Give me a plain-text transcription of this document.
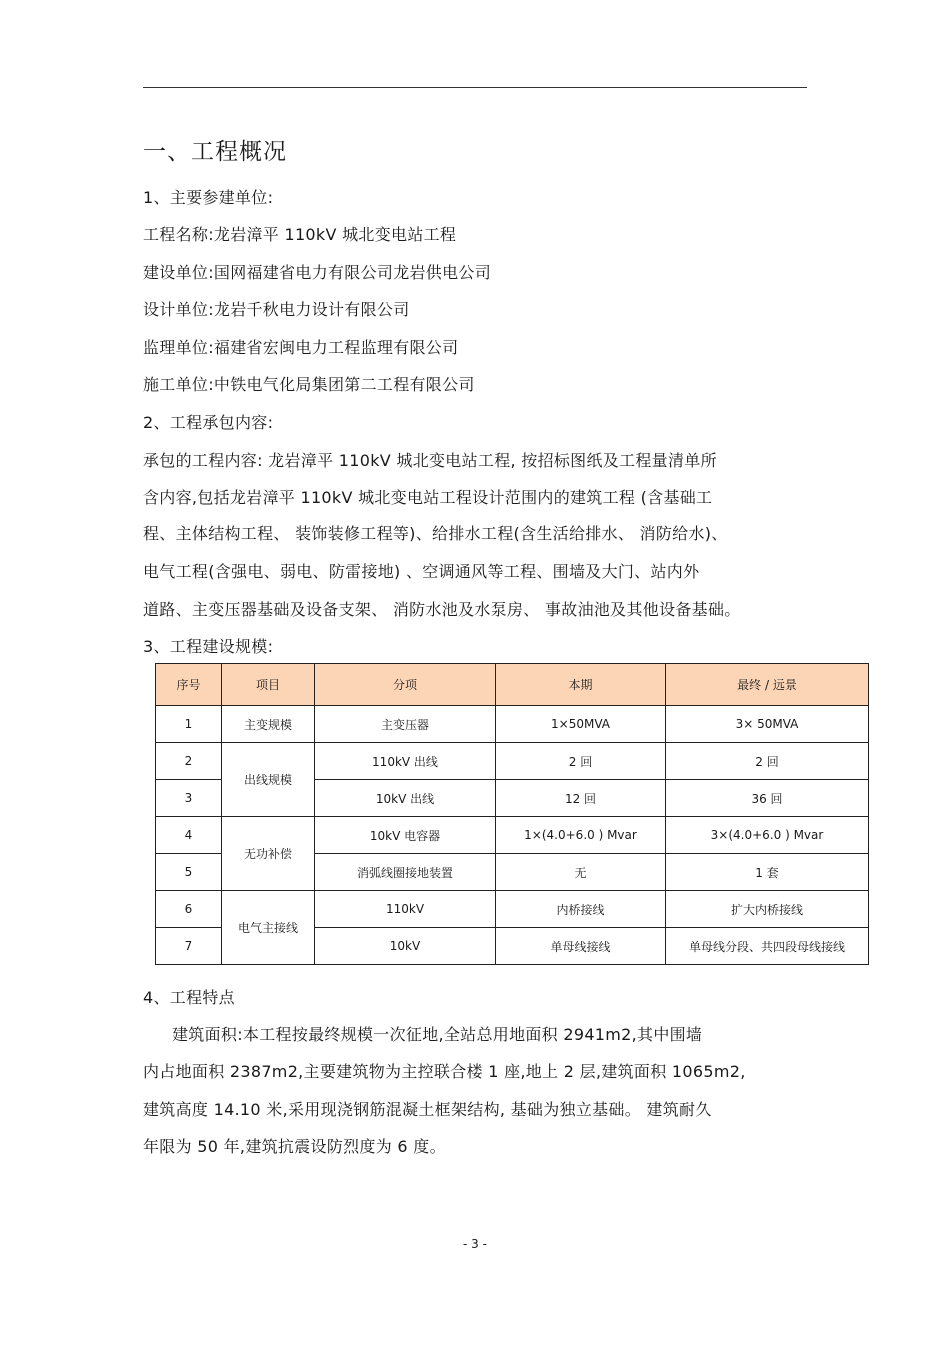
一、工程概况
1、主要参建单位:
工程名称:龙岩漳平 110kV 城北变电站工程
建设单位:国网福建省电力有限公司龙岩供电公司
设计单位:龙岩千秋电力设计有限公司
监理单位:福建省宏闽电力工程监理有限公司
施工单位:中铁电气化局集团第二工程有限公司
2、工程承包内容:
承包的工程内容: 龙岩漳平 110kV 城北变电站工程, 按招标图纸及工程量清单所
含内容,包括龙岩漳平 110kV 城北变电站工程设计范围内的建筑工程 (含基础工
程、主体结构工程、 装饰装修工程等)、给排水工程(含生活给排水、 消防给水)、
电气工程(含强电、弱电、防雷接地) 、空调通风等工程、围墙及大门、站内外
道路、主变压器基础及设备支架、 消防水池及水泵房、 事故油池及其他设备基础。
3、工程建设规模:
序号	项目	分项	本期	最终 / 远景
1	主变规模	主变压器	1×50MVA	3× 50MVA
2	出线规模	110kV 出线	2 回	2 回
3		10kV 出线	12 回	36 回
4	无功补偿	10kV 电容器	1×(4.0+6.0 ) Mvar	3×(4.0+6.0 ) Mvar
5		消弧线圈接地装置	无	1 套
6	电气主接线	110kV	内桥接线	扩大内桥接线
7		10kV	单母线接线	单母线分段、共四段母线接线
4、工程特点
建筑面积:本工程按最终规模一次征地,全站总用地面积 2941m2,其中围墙
内占地面积 2387m2,主要建筑物为主控联合楼 1 座,地上 2 层,建筑面积 1065m2,
建筑高度 14.10 米,采用现浇钢筋混凝土框架结构, 基础为独立基础。 建筑耐久
年限为 50 年,建筑抗震设防烈度为 6 度。
- 3 -
